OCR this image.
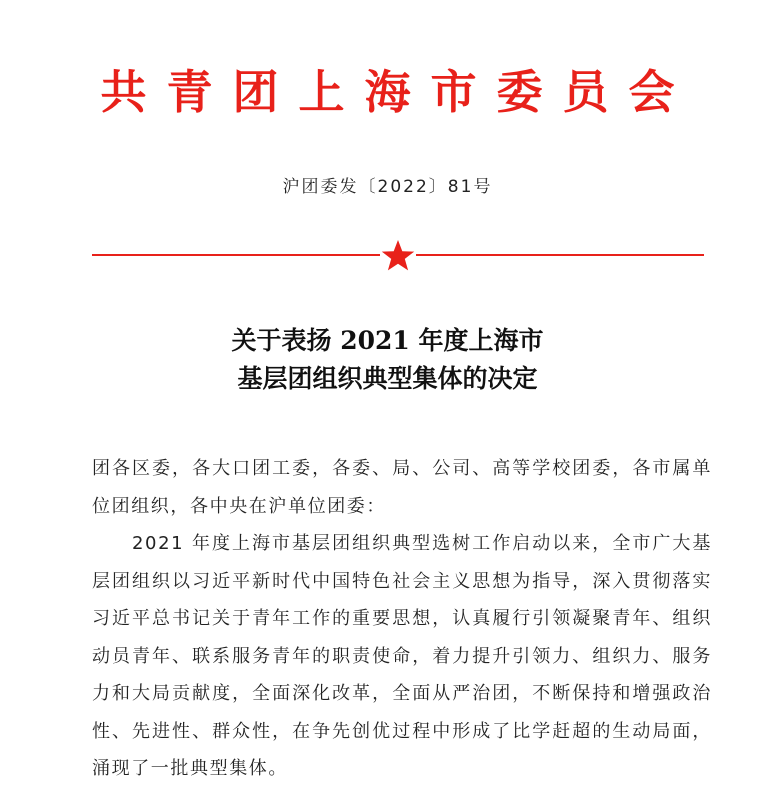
共青团上海市委员会
沪团委发〔2022〕81号
关于表扬 2021 年度上海市
基层团组织典型集体的决定

团各区委，各大口团工委，各委、局、公司、高等学校团委，各市属单位团组织，各中央在沪单位团委：

2021 年度上海市基层团组织典型选树工作启动以来，全市广大基层团组织以习近平新时代中国特色社会主义思想为指导，深入贯彻落实习近平总书记关于青年工作的重要思想，认真履行引领凝聚青年、组织动员青年、联系服务青年的职责使命，着力提升引领力、组织力、服务力和大局贡献度，全面深化改革，全面从严治团，不断保持和增强政治性、先进性、群众性，在争先创优过程中形成了比学赶超的生动局面，涌现了一批典型集体。
